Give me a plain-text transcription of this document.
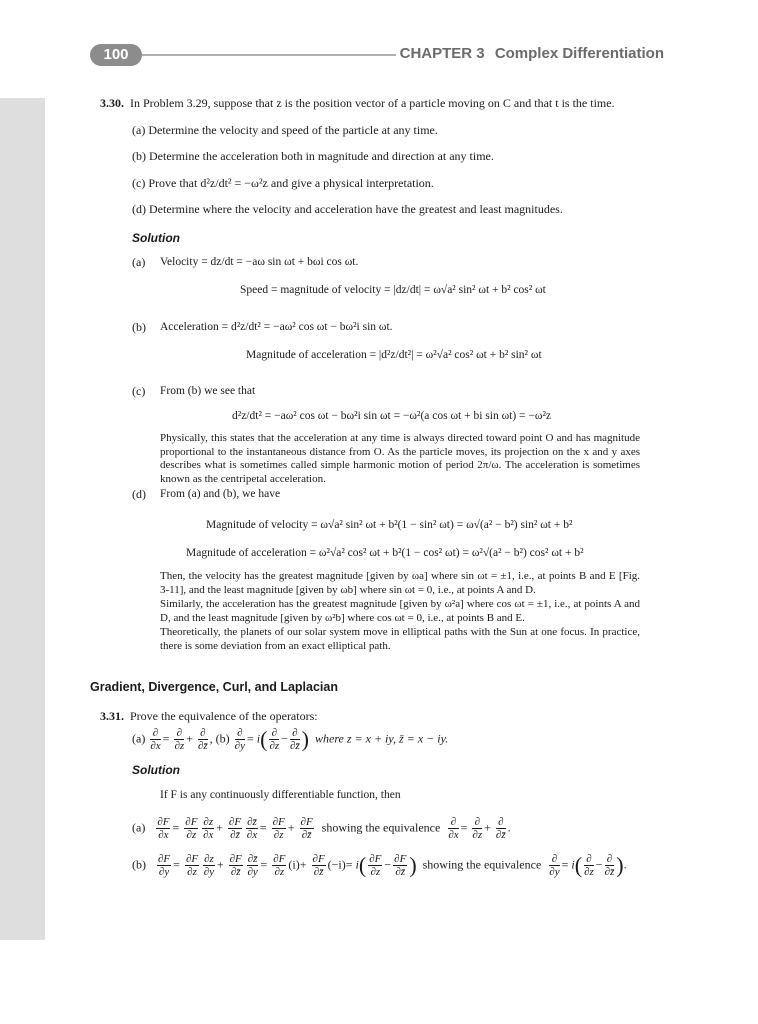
100	CHAPTER 3 Complex Differentiation
3.30. In Problem 3.29, suppose that z is the position vector of a particle moving on C and that t is the time.
(a) Determine the velocity and speed of the particle at any time.
(b) Determine the acceleration both in magnitude and direction at any time.
(c) Prove that d²z/dt² = −ω²z and give a physical interpretation.
(d) Determine where the velocity and acceleration have the greatest and least magnitudes.
Solution
(a) Velocity = dz/dt = −aω sin ωt + bωi cos ωt.
Speed = magnitude of velocity = |dz/dt| = ω√a² sin² ωt + b² cos² ωt
(b) Acceleration = d²z/dt² = −aω² cos ωt − bω²i sin ωt.
Magnitude of acceleration = |d²z/dt²| = ω²√a² cos² ωt + b² sin² ωt
(c) From (b) we see that
d²z/dt² = −aω² cos ωt − bω²i sin ωt = −ω²(a cos ωt + bi sin ωt) = −ω²z
Physically, this states that the acceleration at any time is always directed toward point O and has magnitude proportional to the instantaneous distance from O. As the particle moves, its projection on the x and y axes describes what is sometimes called simple harmonic motion of period 2π/ω. The acceleration is sometimes known as the centripetal acceleration.
(d) From (a) and (b), we have
Magnitude of velocity = ω√a² sin² ωt + b²(1 − sin² ωt) = ω√(a² − b²) sin² ωt + b²
Magnitude of acceleration = ω²√a² cos² ωt + b²(1 − cos² ωt) = ω²√(a² − b²) cos² ωt + b²
Then, the velocity has the greatest magnitude [given by ωa] where sin ωt = ±1, i.e., at points B and E [Fig. 3-11], and the least magnitude [given by ωb] where sin ωt = 0, i.e., at points A and D.
Similarly, the acceleration has the greatest magnitude [given by ω²a] where cos ωt = ±1, i.e., at points A and D, and the least magnitude [given by ω²b] where cos ωt = 0, i.e., at points B and E.
Theoretically, the planets of our solar system move in elliptical paths with the Sun at one focus. In practice, there is some deviation from an exact elliptical path.
Gradient, Divergence, Curl, and Laplacian
3.31. Prove the equivalence of the operators:
$(a) \frac{\partial}{\partial x} = \frac{\partial}{\partial z} + \frac{\partial}{\partial z̄}$ , $(b) \frac{\partial}{\partial y} = i( \frac{\partial}{\partial z} - \frac{\partial}{\partial z̄}$ ) where z = x + iy, z̄ = x − iy.
Solution
If F is any continuously differentiable function, then
$(a) \frac{\partial F}{\partial x} = \frac{\partial F}{\partial z} \frac{\partial z}{\partial x} + \frac{\partial F}{\partial z̄} \frac{\partial z̄}{\partial x} = \frac{\partial F}{\partial z} + \frac{\partial F}{\partial z̄}$ showing the equivalence $\frac{\partial}{\partial x} = \frac{\partial}{\partial z} + \frac{\partial}{\partial z̄}$ .
$(b) \frac{\partial F}{\partial y} = \frac{\partial F}{\partial z} \frac{\partial z}{\partial y} + \frac{\partial F}{\partial z̄} \frac{\partial z̄}{\partial y} = \frac{\partial F}{\partial z} (i)+ \frac{\partial F}{\partial z̄} (-i)= i( \frac{\partial F}{\partial z} - \frac{\partial F}{\partial z̄}$ ) showing the equivalence $\frac{\partial}{\partial y} = i( \frac{\partial}{\partial z} - \frac{\partial}{\partial z̄}$ ).
